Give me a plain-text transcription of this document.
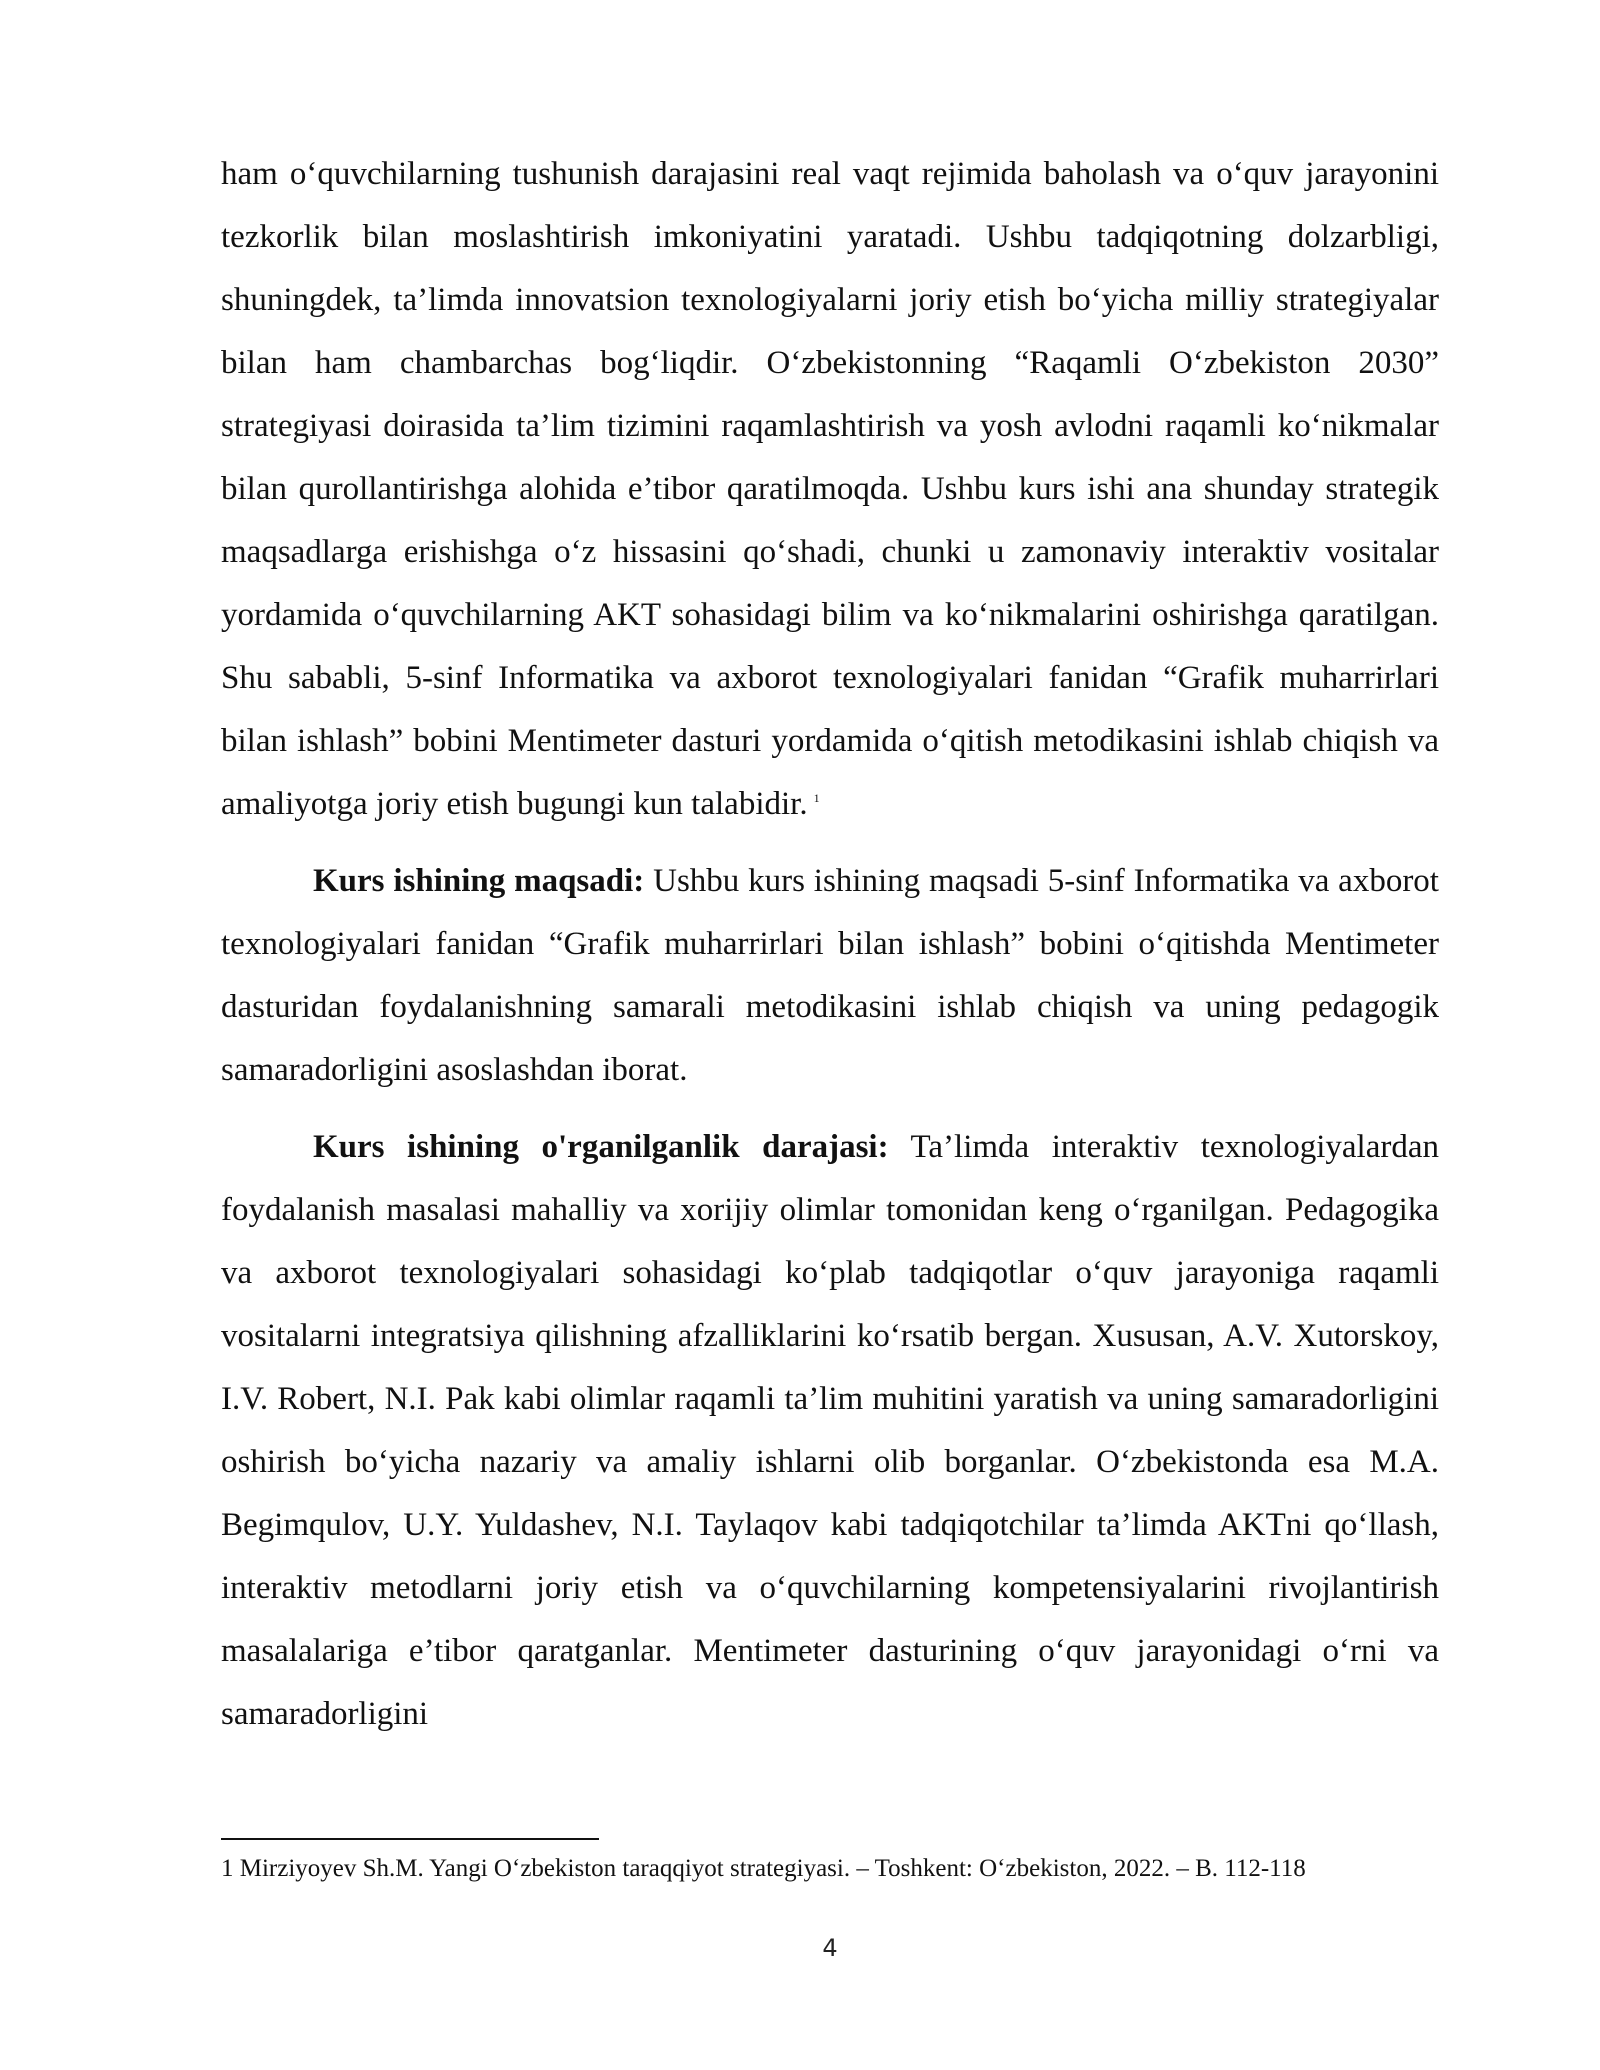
ham o‘quvchilarning tushunish darajasini real vaqt rejimida baholash va o‘quv jarayonini tezkorlik bilan moslashtirish imkoniyatini yaratadi. Ushbu tadqiqotning dolzarbligi, shuningdek, ta’limda innovatsion texnologiyalarni joriy etish bo‘yicha milliy strategiyalar bilan ham chambarchas bog‘liqdir. O‘zbekistonning “Raqamli O‘zbekiston 2030” strategiyasi doirasida ta’lim tizimini raqamlashtirish va yosh avlodni raqamli ko‘nikmalar bilan qurollantirishga alohida e’tibor qaratilmoqda. Ushbu kurs ishi ana shunday strategik maqsadlarga erishishga o‘z hissasini qo‘shadi, chunki u zamonaviy interaktiv vositalar yordamida o‘quvchilarning AKT sohasidagi bilim va ko‘nikmalarini oshirishga qaratilgan. Shu sababli, 5-sinf Informatika va axborot texnologiyalari fanidan “Grafik muharrirlari bilan ishlash” bobini Mentimeter dasturi yordamida o‘qitish metodikasini ishlab chiqish va amaliyotga joriy etish bugungi kun talabidir. $^1$

Kurs ishining maqsadi: Ushbu kurs ishining maqsadi 5-sinf Informatika va axborot texnologiyalari fanidan “Grafik muharrirlari bilan ishlash” bobini o‘qitishda Mentimeter dasturidan foydalanishning samarali metodikasini ishlab chiqish va uning pedagogik samaradorligini asoslashdan iborat.

Kurs ishining o'rganilganlik darajasi: Ta’limda interaktiv texnologiyalardan foydalanish masalasi mahalliy va xorijiy olimlar tomonidan keng o‘rganilgan. Pedagogika va axborot texnologiyalari sohasidagi ko‘plab tadqiqotlar o‘quv jarayoniga raqamli vositalarni integratsiya qilishning afzalliklarini ko‘rsatib bergan. Xususan, A.V. Xutorskoy, I.V. Robert, N.I. Pak kabi olimlar raqamli ta’lim muhitini yaratish va uning samaradorligini oshirish bo‘yicha nazariy va amaliy ishlarni olib borganlar. O‘zbekistonda esa M.A. Begimqulov, U.Y. Yuldashev, N.I. Taylaqov kabi tadqiqotchilar ta’limda AKTni qo‘llash, interaktiv metodlarni joriy etish va o‘quvchilarning kompetensiyalarini rivojlantirish masalalariga e’tibor qaratganlar. Mentimeter dasturining o‘quv jarayonidagi o‘rni va samaradorligini

1 Mirziyoyev Sh.M. Yangi O‘zbekiston taraqqiyot strategiyasi. – Toshkent: O‘zbekiston, 2022. – B. 112-118

4
